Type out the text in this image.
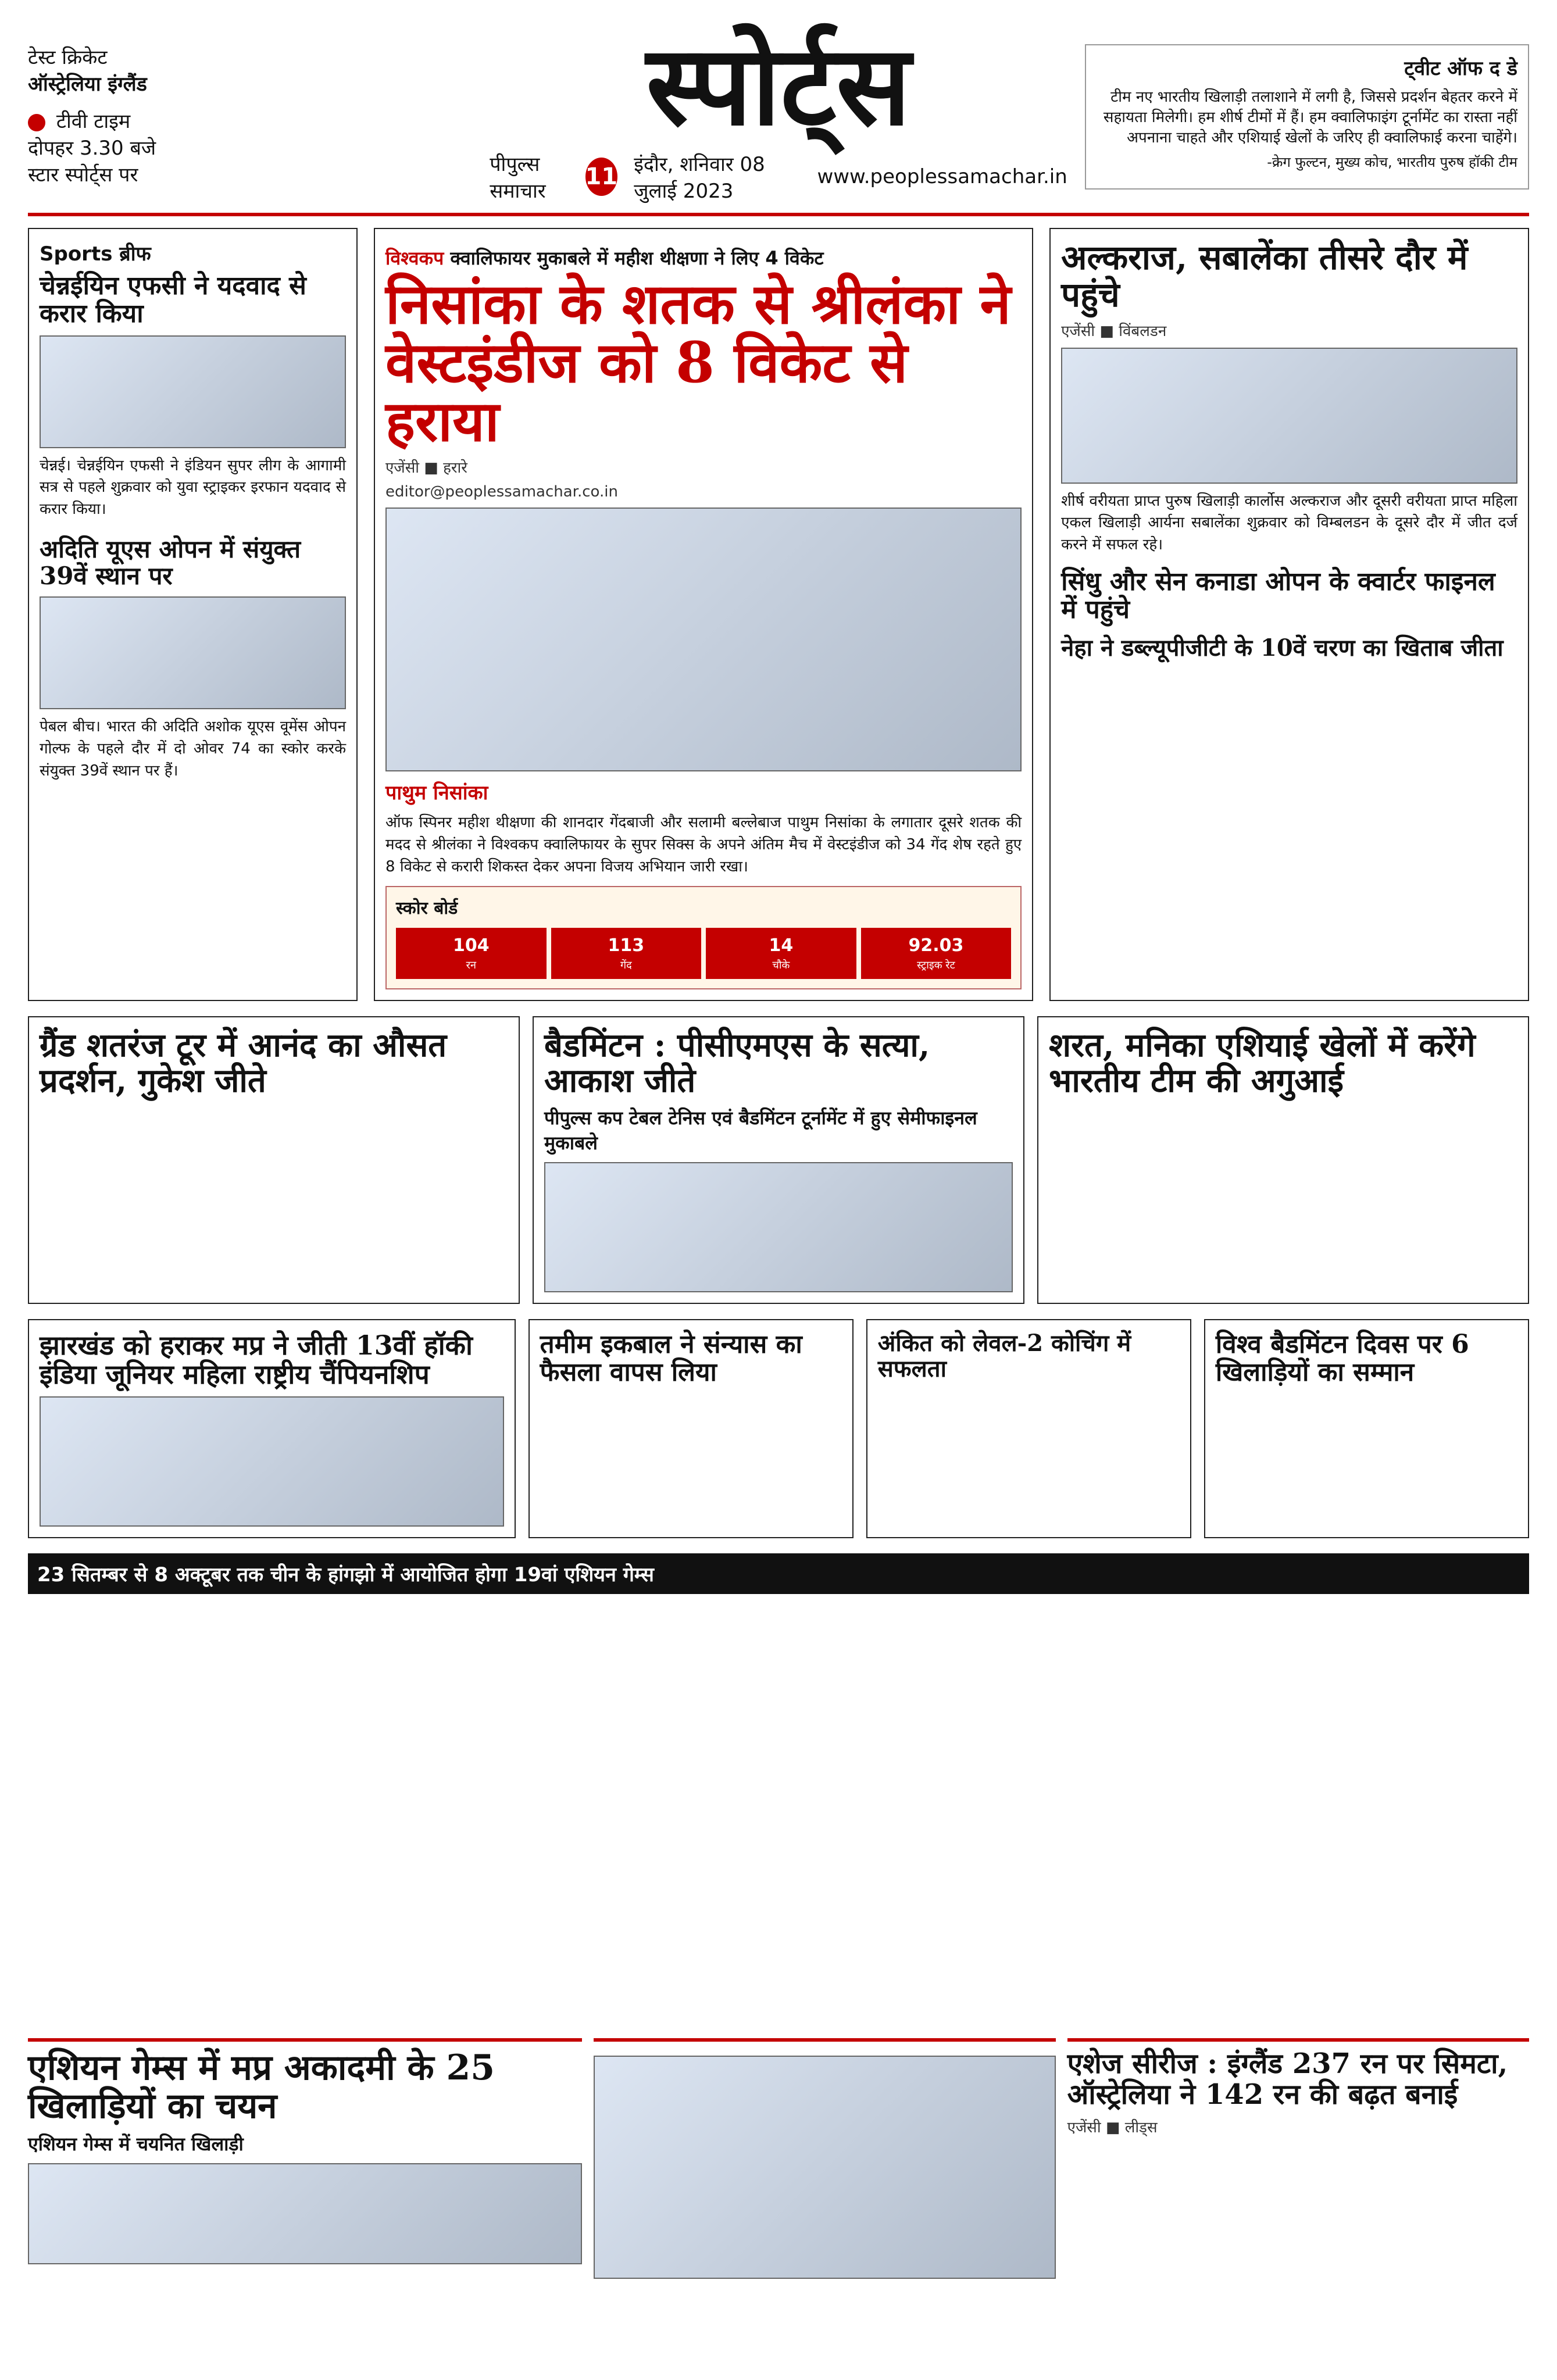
टेस्ट क्रिकेट
ऑस्ट्रेलिया इंग्लैंड
टीवी टाइम
दोपहर 3.30 बजे
स्टार स्पोर्ट्स पर
स्पोर्ट्स
पीपुल्स समाचार
11 इंदौर, शनिवार 08 जुलाई 2023
www.peoplessamachar.in
ट्वीट ऑफ द डे
टीम नए भारतीय खिलाड़ी तलाशाने में लगी है, जिससे प्रदर्शन बेहतर करने में सहायता मिलेगी। हम शीर्ष टीमों में हैं। हम क्वालिफाइंग टूर्नामेंट का रास्ता नहीं अपनाना चाहते और एशियाई खेलों के जरिए ही क्वालिफाई करना चाहेंगे।
-क्रेग फुल्टन, मुख्य कोच, भारतीय पुरुष हॉकी टीम
Sports ब्रीफ
चेन्नईयिन एफसी ने यदवाद से करार किया

चेन्नई। चेन्नईयिन एफसी ने इंडियन सुपर लीग के आगामी सत्र से पहले शुक्रवार को युवा स्ट्राइकर इरफान यदवाद से करार किया।

अदिति यूएस ओपन में संयुक्त 39वें स्थान पर

पेबल बीच। भारत की अदिति अशोक यूएस वूमेंस ओपन गोल्फ के पहले दौर में दो ओवर 74 का स्कोर करके संयुक्त 39वें स्थान पर हैं।

विश्वकप क्वालिफायर मुकाबले में महीश थीक्षणा ने लिए 4 विकेट
निसांका के शतक से श्रीलंका ने वेस्टइंडीज को 8 विकेट से हराया
एजेंसी ■ हरारे
editor@peoplessamachar.co.in
पाथुम निसांका

ऑफ स्पिनर महीश थीक्षणा की शानदार गेंदबाजी और सलामी बल्लेबाज पाथुम निसांका के लगातार दूसरे शतक की मदद से श्रीलंका ने विश्वकप क्वालिफायर के सुपर सिक्स के अपने अंतिम मैच में वेस्टइंडीज को 34 गेंद शेष रहते हुए 8 विकेट से करारी शिकस्त देकर अपना विजय अभियान जारी रखा।

स्कोर बोर्ड
104
रन
113
गेंद
14
चौके
92.03
स्ट्राइक रेट
अल्कराज, सबालेंका तीसरे दौर में पहुंचे
एजेंसी ■ विंबलडन

शीर्ष वरीयता प्राप्त पुरुष खिलाड़ी कार्लोस अल्कराज और दूसरी वरीयता प्राप्त महिला एकल खिलाड़ी आर्यना सबालेंका शुक्रवार को विम्बलडन के दूसरे दौर में जीत दर्ज करने में सफल रहे।

सिंधु और सेन कनाडा ओपन के क्वार्टर फाइनल में पहुंचे
नेहा ने डब्ल्यूपीजीटी के 10वें चरण का खिताब जीता
ग्रैंड शतरंज टूर में आनंद का औसत प्रदर्शन, गुकेश जीते
बैडमिंटन : पीसीएमएस के सत्या, आकाश जीते
पीपुल्स कप टेबल टेनिस एवं बैडमिंटन टूर्नामेंट में हुए सेमीफाइनल मुकाबले
शरत, मनिका एशियाई खेलों में करेंगे भारतीय टीम की अगुआई
झारखंड को हराकर मप्र ने जीती 13वीं हॉकी इंडिया जूनियर महिला राष्ट्रीय चैंपियनशिप
तमीम इकबाल ने संन्यास का फैसला वापस लिया
अंकित को लेवल-2 कोचिंग में सफलता
विश्व बैडमिंटन दिवस पर 6 खिलाड़ियों का सम्मान
23 सितम्बर से 8 अक्टूबर तक चीन के हांगझो में आयोजित होगा 19वां एशियन गेम्स
एशियन गेम्स में मप्र अकादमी के 25 खिलाड़ियों का चयन
एशियन गेम्स में चयनित खिलाड़ी
एशेज सीरीज : इंग्लैंड 237 रन पर सिमटा, ऑस्ट्रेलिया ने 142 रन की बढ़त बनाई
एजेंसी ■ लीड्स
